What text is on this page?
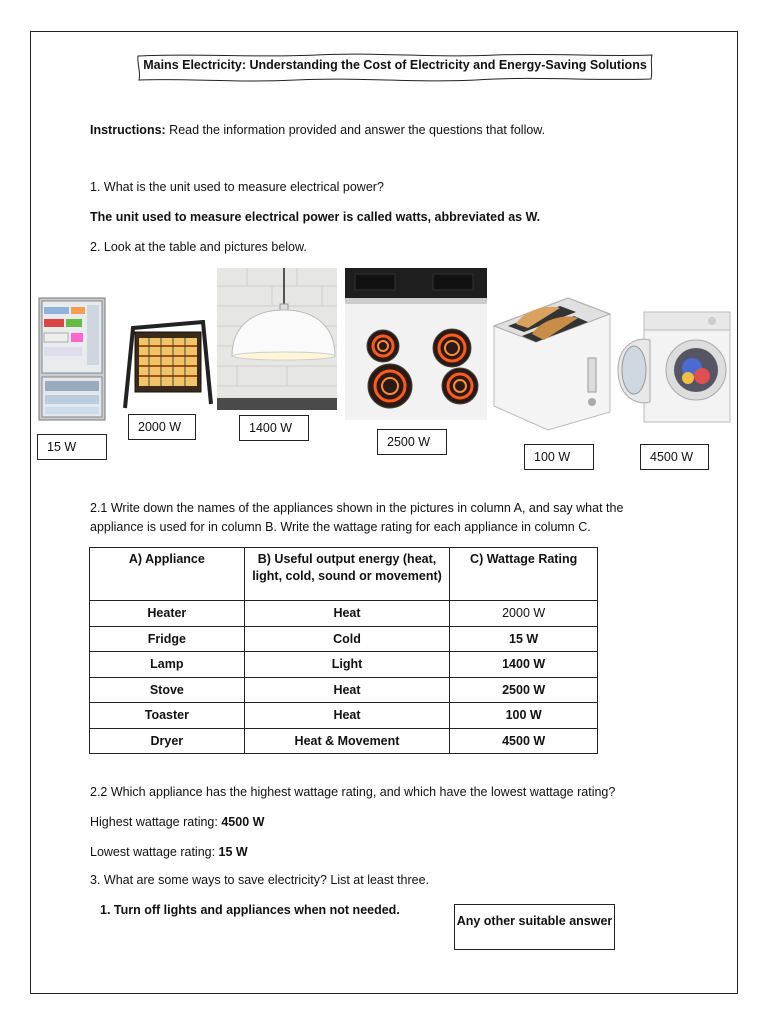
Mains Electricity: Understanding the Cost of Electricity and Energy-Saving Solutions
Instructions: Read the information provided and answer the questions that follow.
1. What is the unit used to measure electrical power?
The unit used to measure electrical power is called watts, abbreviated as W.
2. Look at the table and pictures below.
15 W
2000 W	1400 W
2500 W
100 W	4500 W
2.1 Write down the names of the appliances shown in the pictures in column A, and say what the
appliance is used for in column B. Write the wattage rating for each appliance in column C.
A) Appliance	B) Useful output energy (heat, light, cold, sound or movement)	C) Wattage Rating
Heater	Heat	2000 W
Fridge	Cold	15 W
Lamp	Light	1400 W
Stove	Heat	2500 W
Toaster	Heat	100 W
Dryer	Heat & Movement	4500 W
2.2 Which appliance has the highest wattage rating, and which have the lowest wattage rating?
Highest wattage rating: 4500 W
Lowest wattage rating: 15 W
3. What are some ways to save electricity? List at least three.
1. Turn off lights and appliances when not needed.
Any other suitable answer
